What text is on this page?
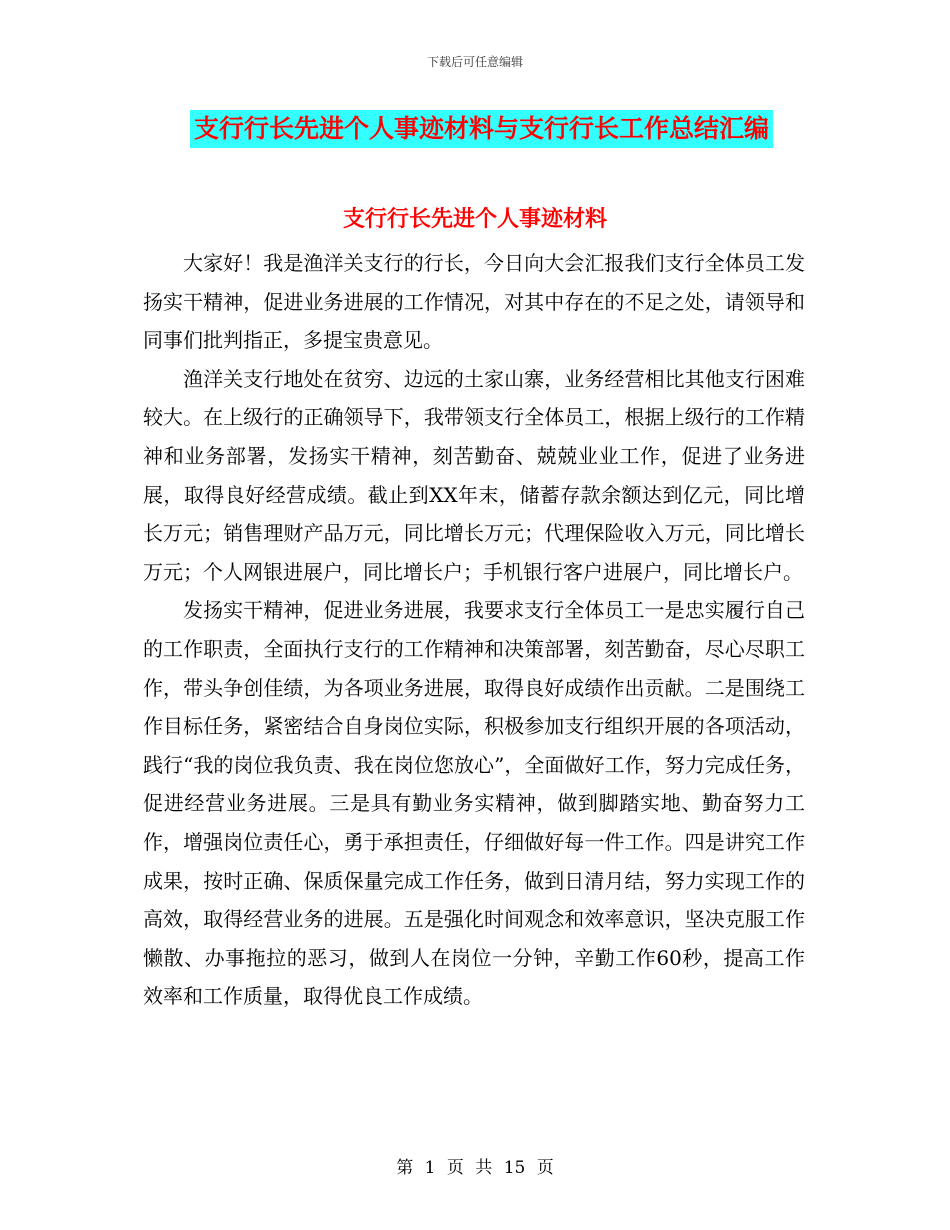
下载后可任意编辑
支行行长先进个人事迹材料与支行行长工作总结汇编
支行行长先进个人事迹材料

大家好！我是渔洋关支行的行长，今日向大会汇报我们支行全体员工发扬实干精神，促进业务进展的工作情况，对其中存在的不足之处，请领导和同事们批判指正，多提宝贵意见。

渔洋关支行地处在贫穷、边远的土家山寨，业务经营相比其他支行困难较大。在上级行的正确领导下，我带领支行全体员工，根据上级行的工作精神和业务部署，发扬实干精神，刻苦勤奋、兢兢业业工作，促进了业务进展，取得良好经营成绩。截止到XX年末，储蓄存款余额达到亿元，同比增长万元；销售理财产品万元，同比增长万元；代理保险收入万元，同比增长万元；个人网银进展户，同比增长户；手机银行客户进展户，同比增长户。

发扬实干精神，促进业务进展，我要求支行全体员工一是忠实履行自己的工作职责，全面执行支行的工作精神和决策部署，刻苦勤奋，尽心尽职工作，带头争创佳绩，为各项业务进展，取得良好成绩作出贡献。二是围绕工作目标任务，紧密结合自身岗位实际，积极参加支行组织开展的各项活动，践行“我的岗位我负责、我在岗位您放心”，全面做好工作，努力完成任务，促进经营业务进展。三是具有勤业务实精神，做到脚踏实地、勤奋努力工作，增强岗位责任心，勇于承担责任，仔细做好每一件工作。四是讲究工作成果，按时正确、保质保量完成工作任务，做到日清月结，努力实现工作的高效，取得经营业务的进展。五是强化时间观念和效率意识，坚决克服工作懒散、办事拖拉的恶习，做到人在岗位一分钟，辛勤工作60秒，提高工作效率和工作质量，取得优良工作成绩。

第 1 页 共 15 页
